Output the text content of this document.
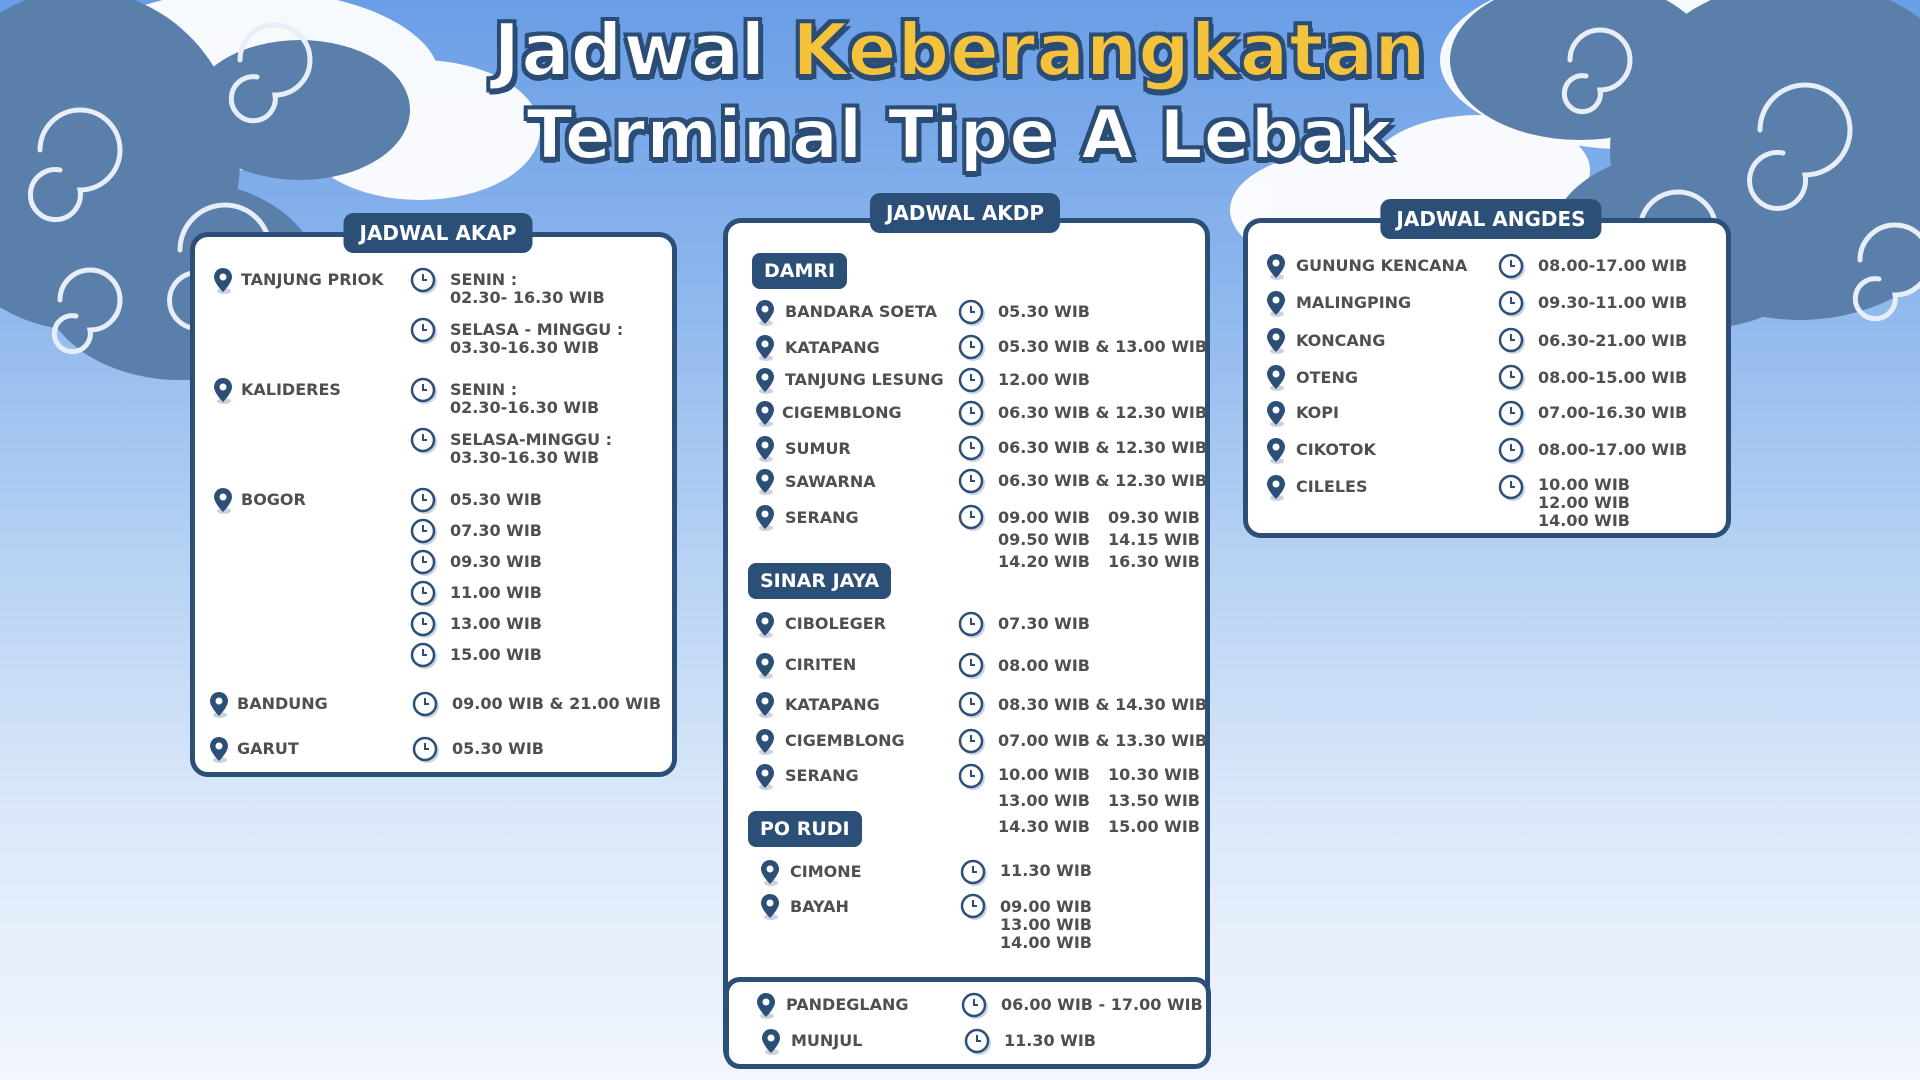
Jadwal Keberangkatan
Terminal Tipe A Lebak
JADWAL AKAP
TANJUNG PRIOK	SENIN :
02.30- 16.30 WIB
SELASA - MINGGU :
03.30-16.30 WIB
KALIDERES	SENIN :
02.30-16.30 WIB
SELASA-MINGGU :
03.30-16.30 WIB
BOGOR	05.30 WIB
07.30 WIB
09.30 WIB
11.00 WIB
13.00 WIB
15.00 WIB
BANDUNG	09.00 WIB & 21.00 WIB
GARUT	05.30 WIB
JADWAL AKDP
DAMRI
BANDARA SOETA	05.30 WIB
KATAPANG	05.30 WIB & 13.00 WIB
TANJUNG LESUNG	12.00 WIB
CIGEMBLONG	06.30 WIB & 12.30 WIB
SUMUR	06.30 WIB & 12.30 WIB
SAWARNA	06.30 WIB & 12.30 WIB
SERANG	09.00 WIB	09.30 WIB
09.50 WIB	14.15 WIB
14.20 WIB	16.30 WIB
SINAR JAYA
CIBOLEGER	07.30 WIB
CIRITEN	08.00 WIB
KATAPANG	08.30 WIB & 14.30 WIB
CIGEMBLONG	07.00 WIB & 13.30 WIB
SERANG	10.00 WIB	10.30 WIB
13.00 WIB	13.50 WIB
14.30 WIB	15.00 WIB
PO RUDI
CIMONE	11.30 WIB
BAYAH	09.00 WIB
13.00 WIB
14.00 WIB
PANDEGLANG	06.00 WIB - 17.00 WIB
MUNJUL	11.30 WIB
JADWAL ANGDES
GUNUNG KENCANA	08.00-17.00 WIB
MALINGPING	09.30-11.00 WIB
KONCANG	06.30-21.00 WIB
OTENG	08.00-15.00 WIB
KOPI	07.00-16.30 WIB
CIKOTOK	08.00-17.00 WIB
CILELES	10.00 WIB
12.00 WIB
14.00 WIB
